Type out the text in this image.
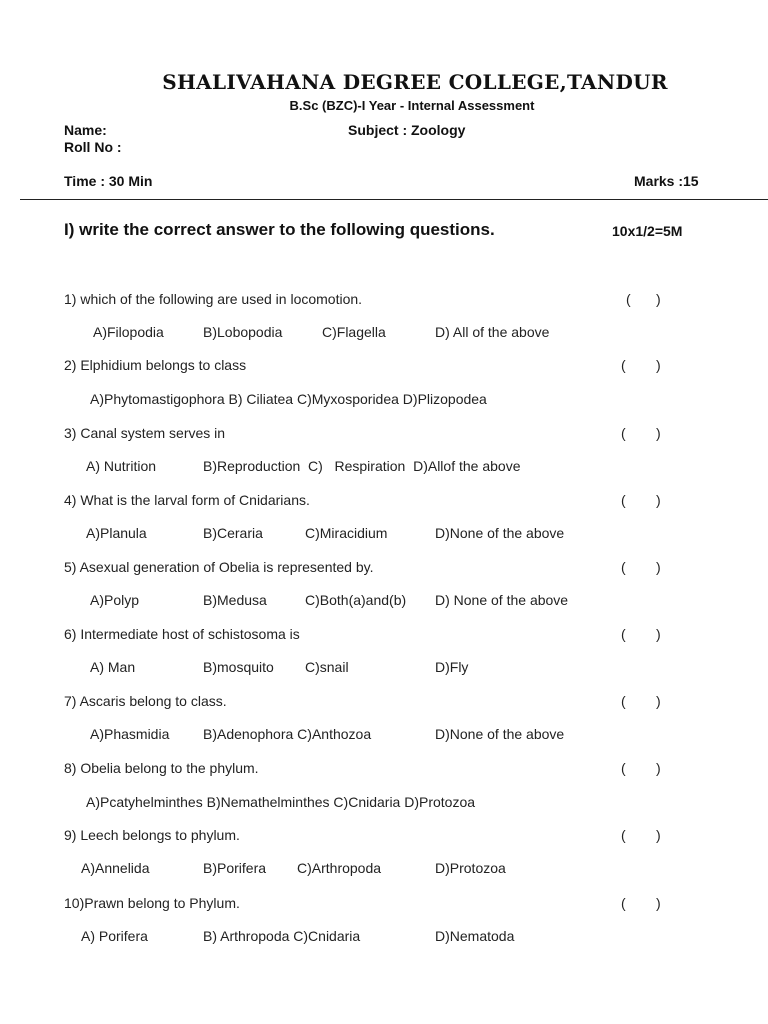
SHALIVAHANA DEGREE COLLEGE,TANDUR
B.Sc (BZC)-I Year - Internal Assessment
Name:	Subject : Zoology
Roll No :
Time : 30 Min	Marks :15
I) write the correct answer to the following questions.	10x1/2=5M
1) which of the following are used in locomotion.	( )
A)Filopodia	B)Lobopodia	C)Flagella	D) All of the above
2) Elphidium belongs to class	( )
A)Phytomastigophora B) Ciliatea C)Myxosporidea D)Plizopodea
3) Canal system serves in	( )
A) Nutrition	B)Reproduction  C)   Respiration  D)Allof the above
4) What is the larval form of Cnidarians.	( )
A)Planula	B)Ceraria	C)Miracidium	D)None of the above
5) Asexual generation of Obelia is represented by.	( )
A)Polyp	B)Medusa	C)Both(a)and(b) D) None of the above
6) Intermediate host of schistosoma is	( )
A) Man	B)mosquito C)snail	D)Fly
7) Ascaris belong to class.	( )
A)Phasmidia B)Adenophora C)Anthozoa	D)None of the above
8) Obelia belong to the phylum.	( )
A)Pcatyhelminthes B)Nemathelminthes C)Cnidaria D)Protozoa
9) Leech belongs to phylum.	( )
A)Annelida	B)Porifera C)Arthropoda	D)Protozoa
10)Prawn belong to Phylum.	( )
A) Porifera	B) Arthropoda C)Cnidaria	D)Nematoda
